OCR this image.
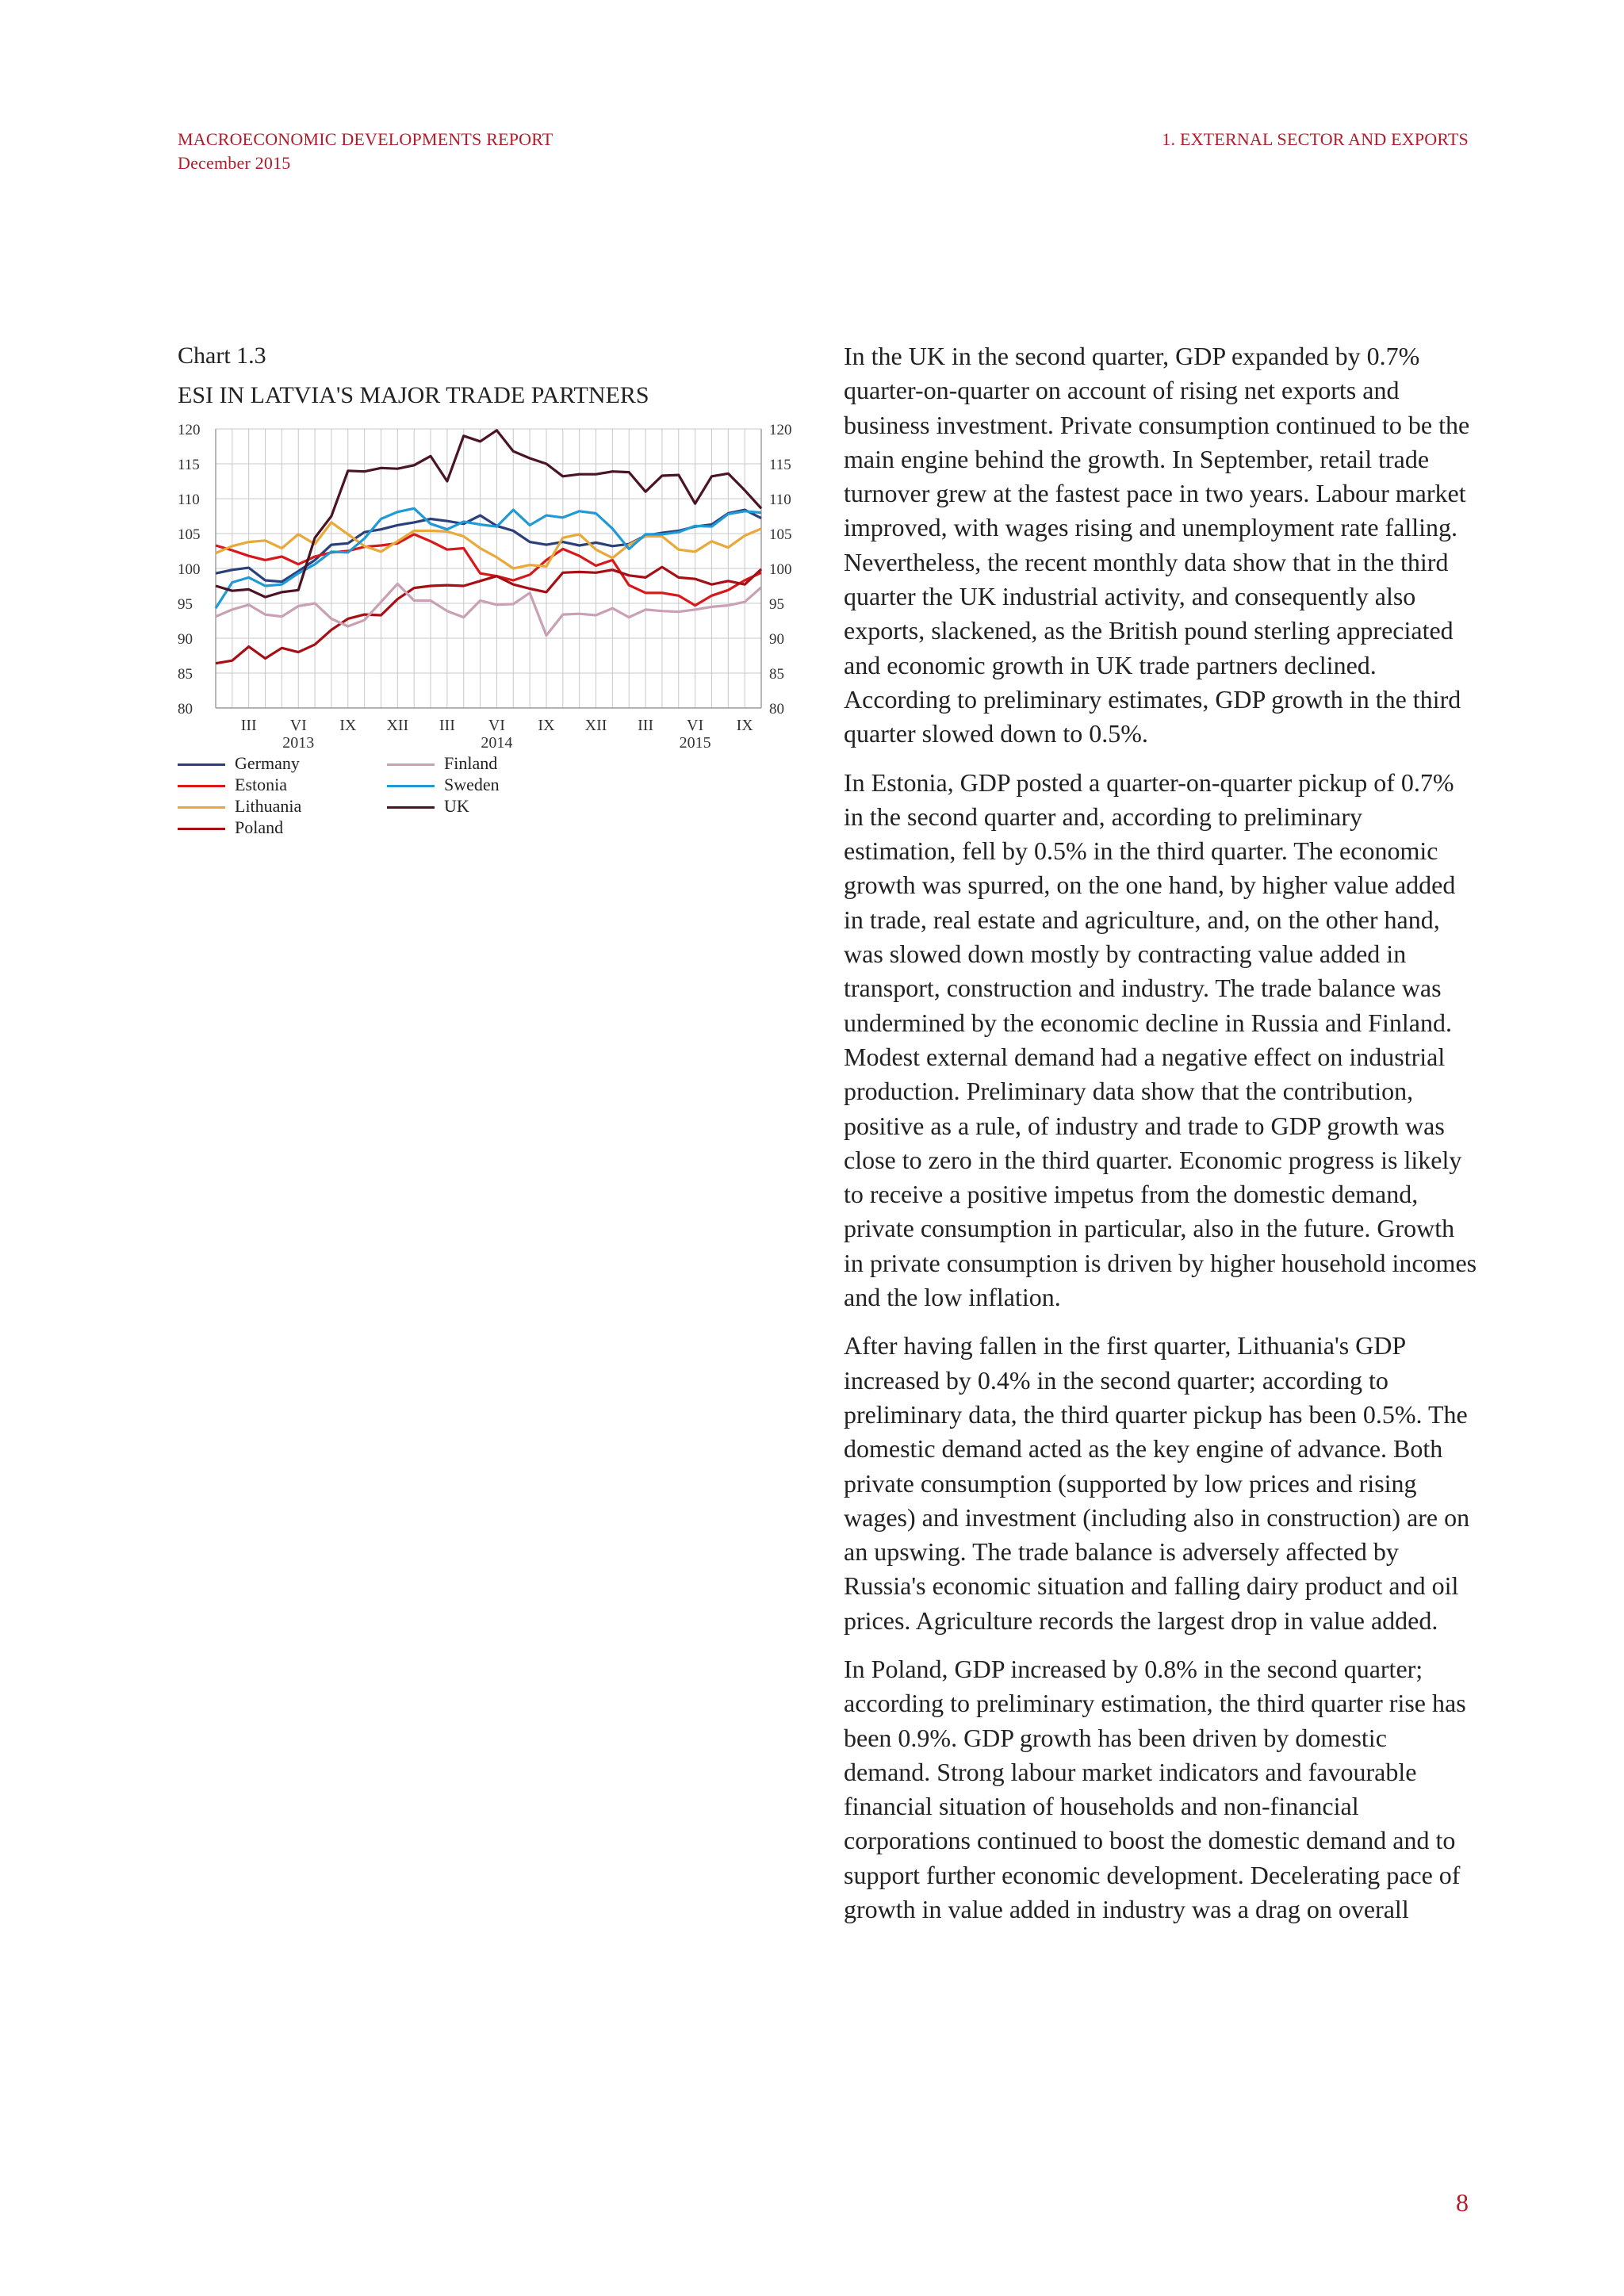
MACROECONOMIC DEVELOPMENTS REPORT
December 2015
1. EXTERNAL SECTOR AND EXPORTS
Chart 1.3
ESI IN LATVIA'S MAJOR TRADE PARTNERS
80	80
85	85
90	90
95	95
100	100
105	105
110	110
115	115
120	120
III VI IX XII III VI IX XII III VI IX
2013	2014	2015
Germany
Estonia
Lithuania
Poland
Finland
Sweden
UK

In the UK in the second quarter, GDP expanded by 0.7% quarter-on-quarter on account of rising net exports and business investment. Private consumption continued to be the main engine behind the growth. In September, retail trade turnover grew at the fastest pace in two years. Labour market improved, with wages rising and unemployment rate falling. Nevertheless, the recent monthly data show that in the third quarter the UK industrial activity, and consequently also exports, slackened, as the British pound sterling appreciated and economic growth in UK trade partners declined. According to preliminary estimates, GDP growth in the third quarter slowed down to 0.5%.

In Estonia, GDP posted a quarter-on-quarter pickup of 0.7% in the second quarter and, according to preliminary estimation, fell by 0.5% in the third quarter. The economic growth was spurred, on the one hand, by higher value added in trade, real estate and agriculture, and, on the other hand, was slowed down mostly by contracting value added in transport, construction and industry. The trade balance was undermined by the economic decline in Russia and Finland. Modest external demand had a negative effect on industrial production. Preliminary data show that the contribution, positive as a rule, of industry and trade to GDP growth was close to zero in the third quarter. Economic progress is likely to receive a positive impetus from the domestic demand, private consumption in particular, also in the future. Growth in private consumption is driven by higher household incomes and the low inflation.

After having fallen in the first quarter, Lithuania's GDP increased by 0.4% in the second quarter; according to preliminary data, the third quarter pickup has been 0.5%. The domestic demand acted as the key engine of advance. Both private consumption (supported by low prices and rising wages) and investment (including also in construction) are on an upswing. The trade balance is adversely affected by Russia's economic situation and falling dairy product and oil prices. Agriculture records the largest drop in value added.

In Poland, GDP increased by 0.8% in the second quarter; according to preliminary estimation, the third quarter rise has been 0.9%. GDP growth has been driven by domestic demand. Strong labour market indicators and favourable financial situation of households and non-financial corporations continued to boost the domestic demand and to support further economic development. Decelerating pace of growth in value added in industry was a drag on overall

8
